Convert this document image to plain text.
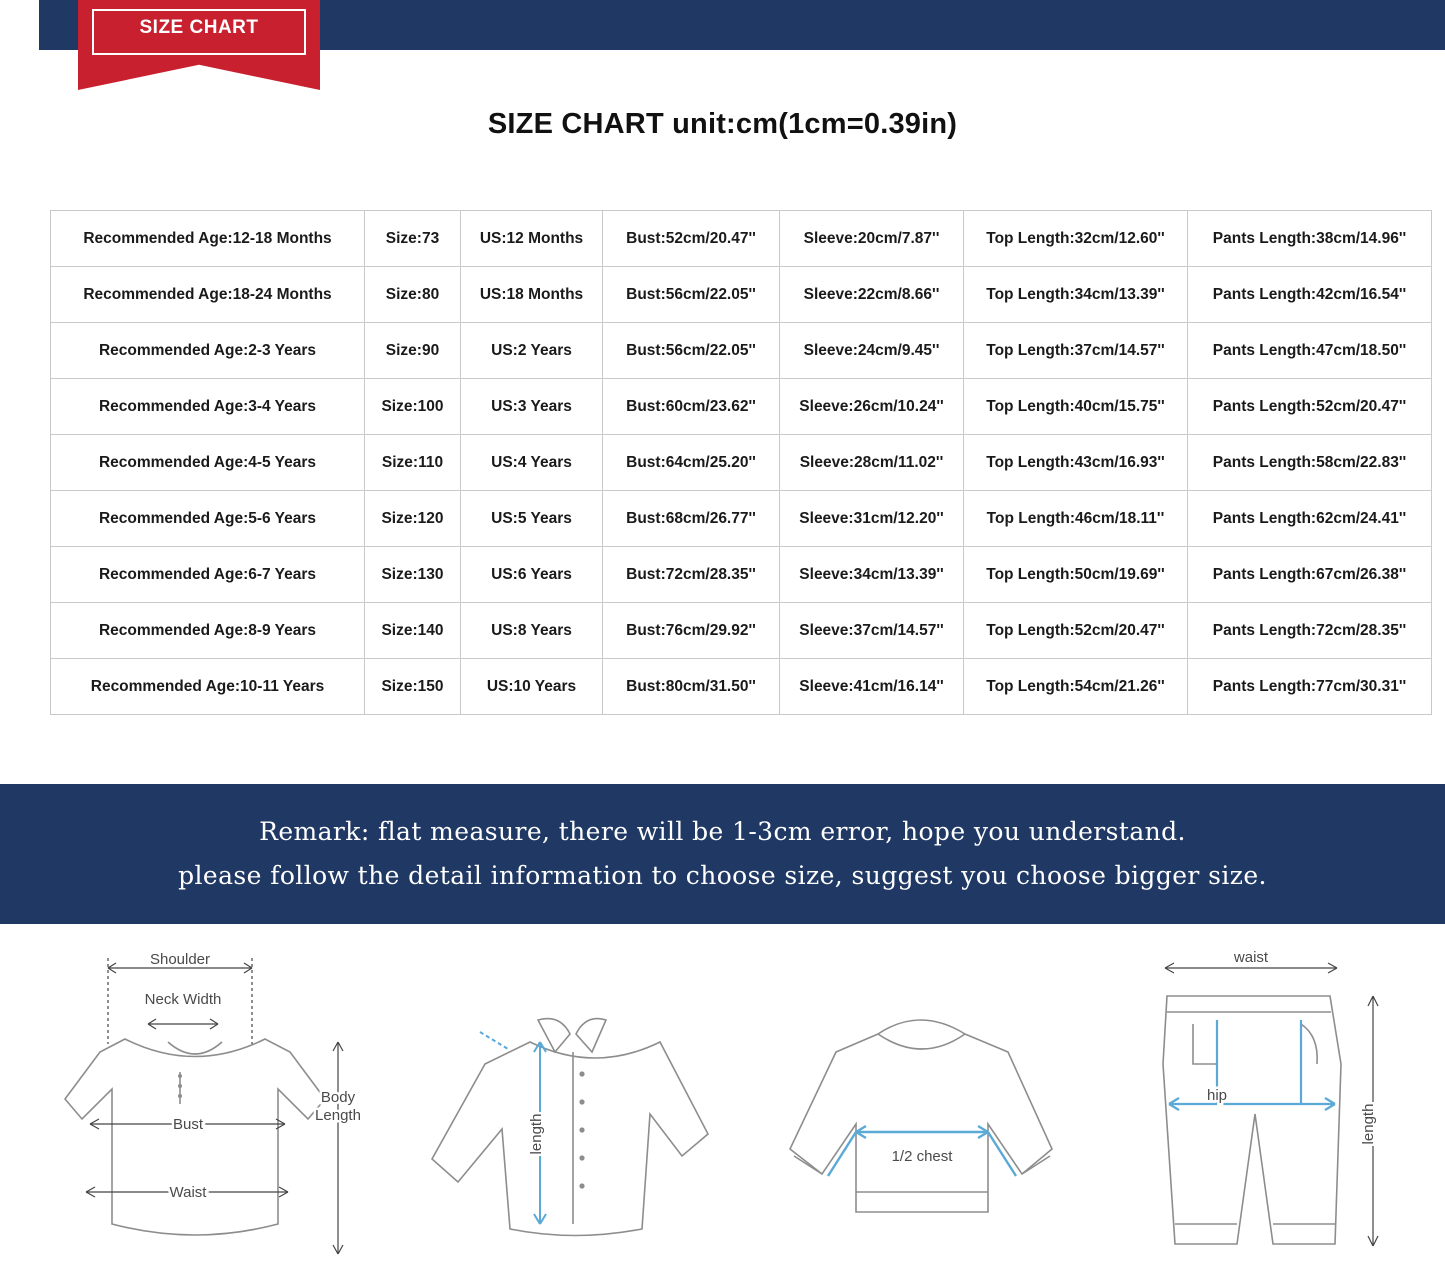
SIZE CHART
SIZE CHART unit:cm(1cm=0.39in)
Recommended Age:12-18 Months	Size:73	US:12 Months	Bust:52cm/20.47''	Sleeve:20cm/7.87''	Top Length:32cm/12.60''	Pants Length:38cm/14.96''
Recommended Age:18-24 Months	Size:80	US:18 Months	Bust:56cm/22.05''	Sleeve:22cm/8.66''	Top Length:34cm/13.39''	Pants Length:42cm/16.54''
Recommended Age:2-3 Years	Size:90	US:2 Years	Bust:56cm/22.05''	Sleeve:24cm/9.45''	Top Length:37cm/14.57''	Pants Length:47cm/18.50''
Recommended Age:3-4 Years	Size:100	US:3 Years	Bust:60cm/23.62''	Sleeve:26cm/10.24''	Top Length:40cm/15.75''	Pants Length:52cm/20.47''
Recommended Age:4-5 Years	Size:110	US:4 Years	Bust:64cm/25.20''	Sleeve:28cm/11.02''	Top Length:43cm/16.93''	Pants Length:58cm/22.83''
Recommended Age:5-6 Years	Size:120	US:5 Years	Bust:68cm/26.77''	Sleeve:31cm/12.20''	Top Length:46cm/18.11''	Pants Length:62cm/24.41''
Recommended Age:6-7 Years	Size:130	US:6 Years	Bust:72cm/28.35''	Sleeve:34cm/13.39''	Top Length:50cm/19.69''	Pants Length:67cm/26.38''
Recommended Age:8-9 Years	Size:140	US:8 Years	Bust:76cm/29.92''	Sleeve:37cm/14.57''	Top Length:52cm/20.47''	Pants Length:72cm/28.35''
Recommended Age:10-11 Years	Size:150	US:10 Years	Bust:80cm/31.50''	Sleeve:41cm/16.14''	Top Length:54cm/21.26''	Pants Length:77cm/30.31''
Remark: flat measure, there will be 1-3cm error, hope you understand.
please follow the detail information to choose size, suggest you choose bigger size.
Shoulder
Neck Width
Bust
Waist
Body
Length	length
1/2 chest
waist
hip
length
